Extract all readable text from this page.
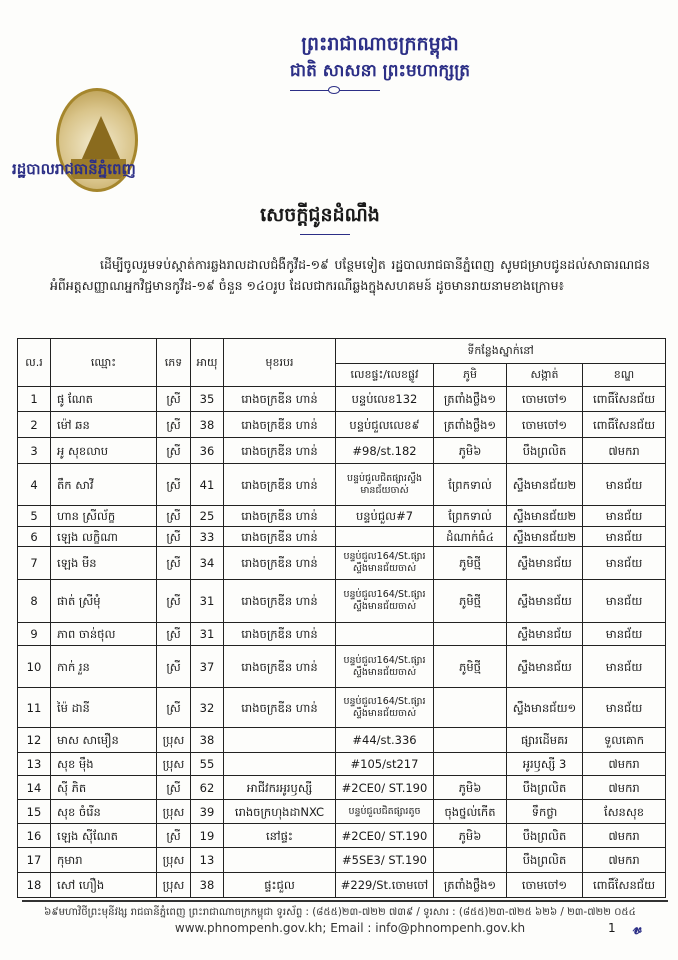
ព្រះរាជាណាចក្រកម្ពុជា
ជាតិ សាសនា ព្រះមហាក្សត្រ
រដ្ឋបាលរាជធានីភ្នំពេញ
សេចក្ដីជូនដំណឹង
ដើម្បីចូលរួមទប់ស្កាត់ការឆ្លងរាលដាលជំងឺកូវីដ-១៩ បន្ថែមទៀត រដ្ឋបាលរាជធានីភ្នំពេញ សូមជម្រាបជូនដល់សាធារណជនអំពីអត្តសញ្ញាណអ្នកវិជ្ជមានកូវីដ-១៩ ចំនួន ១៤០រូប ដែលជាករណីឆ្លងក្នុងសហគមន៍ ដូចមានរាយនាមខាងក្រោម៖
ល.រ	ឈ្មោះ	ភេទ	អាយុ	មុខរបរ	ទីកន្លែងស្នាក់នៅ			
					លេខផ្ទះ/លេខផ្លូវ	ភូមិ	សង្កាត់	ខណ្ឌ
1	ផូ ណែត	ស្រី	35	រោងចក្រឌីន ហាន់	បន្ទប់លេខ132	ត្រពាំងថ្លឹង១	ចោមចៅ១	ពោធិ៍សែនជ័យ
2	ម៉ៅ ឆន	ស្រី	38	រោងចក្រឌីន ហាន់	បន្ទប់ជួលលេខ៩	ត្រពាំងថ្លឹង១	ចោមចៅ១	ពោធិ៍សែនជ័យ
3	អូ សុខលាប	ស្រី	36	រោងចក្រឌីន ហាន់	#98/st.182	ភូមិ៦	បឹងព្រលិត	៧មករា
4	តឹក សាវី	ស្រី	41	រោងចក្រឌីន ហាន់	បន្ទប់ជួលជិតផ្សារស្ទឹងមានជ័យចាស់	ព្រែកទាល់	ស្ទឹងមានជ័យ២	មានជ័យ
5	ហាន ស្រីល័ក្ខ	ស្រី	25	រោងចក្រឌីន ហាន់	បន្ទប់ជួល#7	ព្រែកទាល់	ស្ទឹងមានជ័យ២	មានជ័យ
6	ឡេង លក្ខិណា	ស្រី	33	រោងចក្រឌីន ហាន់		ដំណាក់ធំ៤	ស្ទឹងមានជ័យ២	មានជ័យ
7	ឡេង មីន	ស្រី	34	រោងចក្រឌីន ហាន់	បន្ទប់ជួល164/St.ផ្សារស្ទឹងមានជ័យចាស់	ភូមិថ្មី	ស្ទឹងមានជ័យ	មានជ័យ
8	ផាត់ ស្រីមុំ	ស្រី	31	រោងចក្រឌីន ហាន់	បន្ទប់ជួល164/St.ផ្សារស្ទឹងមានជ័យចាស់	ភូមិថ្មី	ស្ទឹងមានជ័យ	មានជ័យ
9	ភាព ចាន់ថុល	ស្រី	31	រោងចក្រឌីន ហាន់			ស្ទឹងមានជ័យ	មានជ័យ
10	កាក់ រួន	ស្រី	37	រោងចក្រឌីន ហាន់	បន្ទប់ជួល164/St.ផ្សារស្ទឹងមានជ័យចាស់	ភូមិថ្មី	ស្ទឹងមានជ័យ	មានជ័យ
11	ម៉ៃ ដានី	ស្រី	32	រោងចក្រឌីន ហាន់	បន្ទប់ជួល164/St.ផ្សារស្ទឹងមានជ័យចាស់		ស្ទឹងមានជ័យ១	មានជ័យ
12	មាស សាមឿន	ប្រុស	38		#44/st.336		ផ្សារដើមគរ	ទួលគោក
13	សុខ ម៉ឹង	ប្រុស	55		#105/st217		អូរឫស្សី 3	៧មករា
14	ស៊ី ភិត	ស្រី	62	អាជីវករអូរឫស្សី	#2CE0/ ST.190	ភូមិ៦	បឹងព្រលិត	៧មករា
15	សុខ ចំរើន	ប្រុស	39	រោងចក្រហុងដាNXC	បន្ទប់ជួលជិតផ្សារតូច	ចុងថ្នល់កើត	ទឹកថ្លា	សែនសុខ
16	ឡេង ស៊ីណែត	ស្រី	19	នៅផ្ទះ	#2CE0/ ST.190	ភូមិ៦	បឹងព្រលិត	៧មករា
17	កុមារា	ប្រុស	13		#5SE3/ ST.190		បឹងព្រលិត	៧មករា
18	សៅ ហឿង	ប្រុស	38	ផ្ទះជួល	#229/St.ចោមចៅ	ត្រពាំងថ្លឹង១	ចោមចៅ១	ពោធិ៍សែនជ័យ
៦៩មហាវិថីព្រះមុនីវង្ស រាជធានីភ្នំពេញ ព្រះរាជាណាចក្រកម្ពុជា ទូរស័ព្ទ : (៨៥៥)២៣-៧២២ ៧៣៩ / ទូរសារ : (៨៥៥)២៣-៧២៥ ៦២៦ / ២៣-៧២២ ០៥៤
www.phnompenh.gov.kh; Email : info@phnompenh.gov.kh	1 𝓋
